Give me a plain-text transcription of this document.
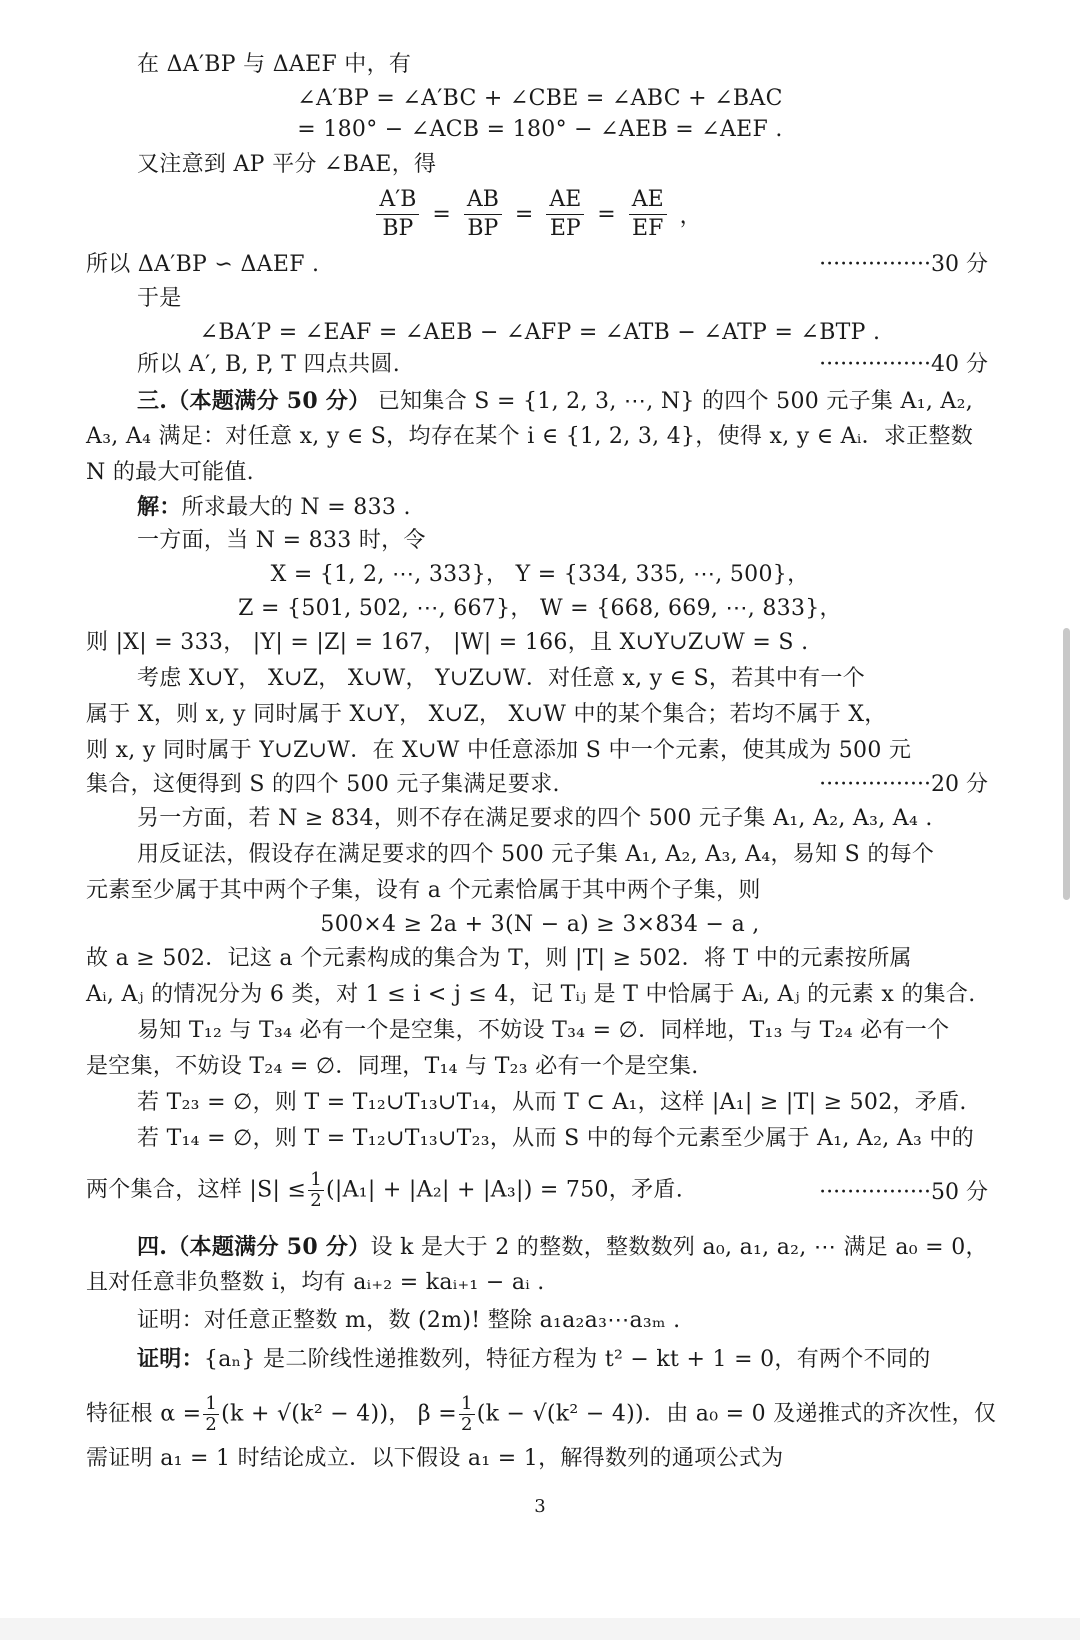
在 ΔA′BP 与 ΔAEF 中，有
∠A′BP = ∠A′BC + ∠CBE = ∠ABC + ∠BAC
= 180° − ∠ACB = 180° − ∠AEB = ∠AEF .
又注意到 AP 平分 ∠BAE，得
$\frac{A'B}{BP} = \frac{AB}{BP} = \frac{AE}{EP} = \frac{AE}{EF}$ ，
所以 ΔA′BP ∽ ΔAEF .	················30 分
于是
∠BA′P = ∠EAF = ∠AEB − ∠AFP = ∠ATB − ∠ATP = ∠BTP .
所以 A′, B, P, T 四点共圆.	················40 分
三.（本题满分 50 分） 已知集合 S = {1, 2, 3, ⋯, N} 的四个 500 元子集 A₁, A₂,
A₃, A₄ 满足：对任意 x, y ∈ S，均存在某个 i ∈ {1, 2, 3, 4}，使得 x, y ∈ Aᵢ．求正整数
N 的最大可能值.
解：所求最大的 N = 833 .
一方面，当 N = 833 时，令
X = {1, 2, ⋯, 333}， Y = {334, 335, ⋯, 500}，
Z = {501, 502, ⋯, 667}， W = {668, 669, ⋯, 833}，
则 |X| = 333， |Y| = |Z| = 167， |W| = 166，且 X∪Y∪Z∪W = S .
考虑 X∪Y， X∪Z， X∪W， Y∪Z∪W．对任意 x, y ∈ S，若其中有一个
属于 X，则 x, y 同时属于 X∪Y， X∪Z， X∪W 中的某个集合；若均不属于 X，
则 x, y 同时属于 Y∪Z∪W．在 X∪W 中任意添加 S 中一个元素，使其成为 500 元
集合，这便得到 S 的四个 500 元子集满足要求.	················20 分
另一方面，若 N ≥ 834，则不存在满足要求的四个 500 元子集 A₁, A₂, A₃, A₄ .
用反证法，假设存在满足要求的四个 500 元子集 A₁, A₂, A₃, A₄，易知 S 的每个
元素至少属于其中两个子集，设有 a 个元素恰属于其中两个子集，则
500×4 ≥ 2a + 3(N − a) ≥ 3×834 − a ,
故 a ≥ 502．记这 a 个元素构成的集合为 T，则 |T| ≥ 502．将 T 中的元素按所属
Aᵢ, Aⱼ 的情况分为 6 类，对 1 ≤ i < j ≤ 4，记 Tᵢⱼ 是 T 中恰属于 Aᵢ, Aⱼ 的元素 x 的集合.
易知 T₁₂ 与 T₃₄ 必有一个是空集，不妨设 T₃₄ = ∅．同样地，T₁₃ 与 T₂₄ 必有一个
是空集，不妨设 T₂₄ = ∅．同理，T₁₄ 与 T₂₃ 必有一个是空集.
若 T₂₃ = ∅，则 T = T₁₂∪T₁₃∪T₁₄，从而 T ⊂ A₁，这样 |A₁| ≥ |T| ≥ 502，矛盾.
若 T₁₄ = ∅，则 T = T₁₂∪T₁₃∪T₂₃，从而 S 中的每个元素至少属于 A₁, A₂, A₃ 中的
两个集合，这样 $|S| \le \frac{1}{2} (|A_1| + |A_2| + |A_3|) = 750$，矛盾.	················50 分
四.（本题满分 50 分）设 k 是大于 2 的整数，整数数列 a₀, a₁, a₂, ⋯ 满足 a₀ = 0，
且对任意非负整数 i，均有 aᵢ₊₂ = kaᵢ₊₁ − aᵢ .
证明：对任意正整数 m，数 (2m)! 整除 a₁a₂a₃⋯a₃ₘ .
证明：{aₙ} 是二阶线性递推数列，特征方程为 t² − kt + 1 = 0，有两个不同的
特征根 $\alpha = \frac{1}{2} (k + √(k^2 - 4))$， $\beta = \frac{1}{2} (k - √(k^2 - 4))$．由 a₀ = 0 及递推式的齐次性，仅
需证明 a₁ = 1 时结论成立．以下假设 a₁ = 1，解得数列的通项公式为
3
